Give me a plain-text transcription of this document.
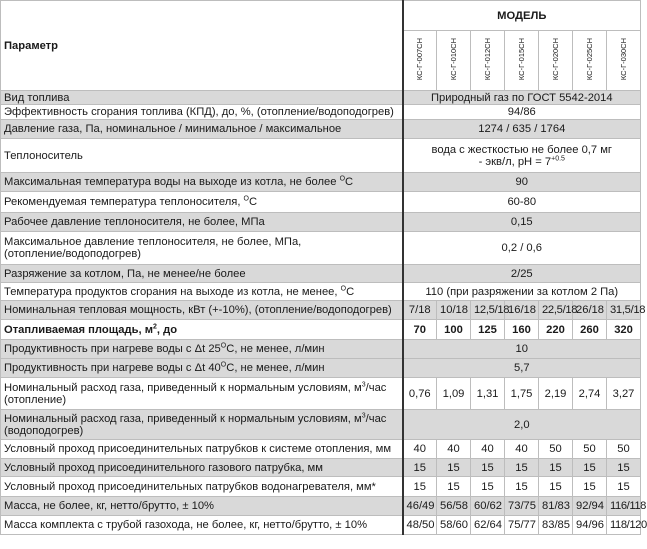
Параметр	МОДЕЛЬ						
	КС-Г-007СН	КС-Г-010СН	КС-Г-012СН	КС-Г-015СН	КС-Г-020СН	КС-Г-025СН	КС-Г-030СН
Вид топлива	Природный газ по ГОСТ 5542-2014						
Эффективность сгорания топлива (КПД), до, %, (отопление/водоподогрев)	94/86						
Давление газа, Па, номинальное / минимальное / максимальное	1274 / 635 / 1764						
Теплоноситель	вода с жесткостью не более 0,7 мг
- экв/л, рН = $7^{+0.5}$
Максимальная температура воды на выходе из котла, не более $^O$С	90						
Рекомендуемая температура теплоносителя, $^O$С	60-80						
Рабочее давление теплоносителя, не более, МПа	0,15						
Максимальное давление теплоносителя, не более, МПа,
(отопление/водоподогрев)	0,2 / 0,6						
Разряжение за котлом, Па, не менее/не более	2/25						
Температура продуктов сгорания на выходе из котла, не менее, $^O$С	110 (при разряжении за котлом 2 Па)						
Номинальная тепловая мощность, кВт (+-10%), (отопление/водоподогрев)	7/18	10/18	12,5/18	16/18	22,5/18	26/18	31,5/18
Отапливаемая площадь, $м^2$, до	70	100	125	160	220	260	320
Продуктивность при нагреве воды с Δt $25^OС$, не менее, л/мин	10						
Продуктивность при нагреве воды с Δt $40^OС$, не менее, л/мин	5,7						
Номинальный расход газа, приведенный к нормальным условиям, $м^3$/час
(отопление)	0,76	1,09	1,31	1,75	2,19	2,74	3,27
Номинальный расход газа, приведенный к нормальным условиям, $м^3$/час
(водоподогрев)	2,0						
Условный проход присоединительных патрубков к системе отопления, мм	40	40	40	40	50	50	50
Условный проход присоединительного газового патрубка, мм	15	15	15	15	15	15	15
Условный проход присоединительных патрубков водонагревателя, мм*	15	15	15	15	15	15	15
Масса, не более, кг, нетто/брутто, ± 10%	46/49	56/58	60/62	73/75	81/83	92/94	116/118
Масса комплекта с трубой газохода, не более, кг, нетто/брутто, ± 10%	48/50	58/60	62/64	75/77	83/85	94/96	118/120
